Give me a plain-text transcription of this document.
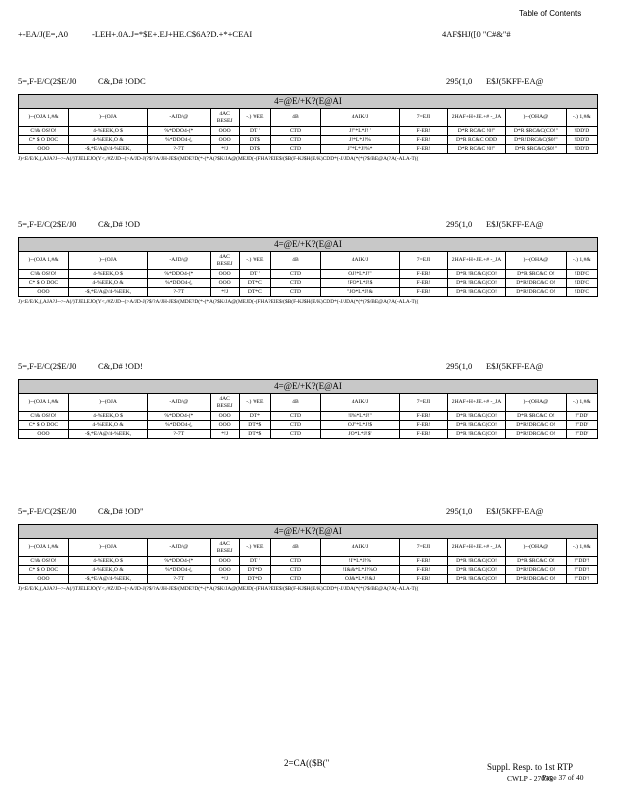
Table of Contents
+-EA/J(E=,A0	-LEH+.0A.J=*$E+.EJ+HE.C$6A?D.+*+CEAI	4AF$HJ([0 "C#&"#
5=,F-E/C(2$E/J0	C&,D# !ODC	295(1,0 E$J(5KFF-EA@
4=@E/+K?(E@AI										
)--(OJA 1,#&	)--(OJA	-AJD/@	4AC BESEJ	-.) '#EE	4B	4AIK/J	7=EJI	2HAF+H+JE.+# -_JA	)--(OHA@	-.) 1,#&
C!& OS!O!	4-%EEK,O $	%*DDO4-(*	OOO	DT '	CTD	J!"*L*J! '	F-ER!	D*R RC&C !0!"	D*R $RC&C(CO!"	!DD'D
C* $ O DOC	4-%EEK,O &	%*DDO4-(,	OOO	DT$	CTD	J!*L*J!%	F-ER!	D*R RC&C ODD	D*R!DRC&C($0!"	!DD'D
OOO	-$,*E/A@/4-%EEK,	?-7T	*!J	DT$	CTD	J"*L*J!%*	F-ER!	D*R RC&C !0!"	D*R $RC&C($0!"	!DD'D
J)<E/E/K,(,AJA?J-->-A(/)TJELEJO(Y<,/#Z/JD--(>A/JD-J(?$/?A/JH-JE$/(MDE?D(*-(*A(?$K/JA@(MEJD(-(FHA?EIE$/($B(F-KJ$H(E/K)CDD*(-J/JDA(*(*(?$/BE@A(?A(-ALA-T((
5=,F-E/C(2$E/J0	C&,D# !OD	295(1,0 E$J(5KFF-EA@
4=@E/+K?(E@AI										
)--(OJA 1,#&	)--(OJA	-AJD/@	4AC BESEJ	-.) '#EE	4B	4AIK/J	7=EJI	2HAF+H+JE.+# -_JA	)--(OHA@	-.) 1,#&
C!& OS!O!	4-%EEK,O $	%*DDO4-(*	OOO	DT '	CTD	OJ!*L*J!"	F-ER!	D*R !RC&C(CO!	D*R $RC&C O!	!DD'C
C* $ O DOC	4-%EEK,O &	%*DDO4-(,	OOO	DT*C	CTD	!FO*L*J!$	F-ER!	D*R !RC&C(CO!	D*R!DRC&C O!	!DD'C
OOO	-$,*E/A@/4-%EEK,	?-7T	*!J	DT*C	CTD	"JO*L*J!&	F-ER!	D*R !RC&C(CO!	D*R!DRC&C O!	!DD'C
J)<E/E/K,(,AJA?J-->-A(/)TJELEJO(Y<,/#Z/JD--(>A/JD-J(?$/?A/JH-JE$/(MDE?D(*-(*A(?$K/JA@(MEJD(-(FHA?EIE$/($B(F-KJ$H(E/K)CDD*(-J/JDA(*(*(?$/BE@A(?A(-ALA-T((
5=,F-E/C(2$E/J0	C&,D# !OD!	295(1,0 E$J(5KFF-EA@
4=@E/+K?(E@AI										
)--(OJA 1,#&	)--(OJA	-AJD/@	4AC BESEJ	-.) '#EE	4B	4AIK/J	7=EJI	2HAF+H+JE.+# -_JA	)--(OHA@	-.) 1,#&
C!& OS!O!	4-%EEK,O $	%*DDO4-(*	OOO	DT*	CTD	!I%*L*J!"	F-ER!	D*R !RC&C(CO!	D*R $RC&C O!	!"DD'
C* $ O DOC	4-%EEK,O &	%*DDO4-(,	OOO	DT*$	CTD	OJ"*L*J!$	F-ER!	D*R !RC&C(CO!	D*R!DRC&C O!	!"DD'
OOO	-$,*E/A@/4-%EEK,	?-7T	*!J	DT*$	CTD	JO*L*J!$'	F-ER!	D*R !RC&C(CO!	D*R!DRC&C O!	!"DD'
5=,F-E/C(2$E/J0	C&,D# !OD"	295(1,0 E$J(5KFF-EA@
4=@E/+K?(E@AI										
)--(OJA 1,#&	)--(OJA	-AJD/@	4AC BESEJ	-.) '#EE	4B	4AIK/J	7=EJI	2HAF+H+JE.+# -_JA	)--(OHA@	-.) 1,#&
C!& OS!O!	4-%EEK,O $	%*DDO4-(*	OOO	DT '	CTD	!I'*L*J!%	F-ER!	D*R !RC&C(CO!	D*R $RC&C O!	!"DD'!
C* $ O DOC	4-%EEK,O &	%*DDO4-(,	OOO	DT*D	CTD	!I&&*L*J!%O	F-ER!	D*R !RC&C(CO!	D*R!DRC&C O!	!"DD'!
OOO	-$,*E/A@/4-%EEK,	?-7T	*!J	DT*D	CTD	OJ&*L*J!&J	F-ER!	D*R !RC&C(CO!	D*R!DRC&C O!	!"DD'!
J)<E/E/K,(,AJA?J-->-A(/)TJELEJO(Y<,/#Z/JD--(>A/JD-J(?$/?A/JH-JE$/(MDE?D(*-(*A(?$K/JA@(MEJD(-(FHA?EIE$/($B(F-KJ$H(E/K)CDD*(-J/JDA(*(*(?$/BE@A(?A(-ALA-T((
2=CA(($B("	Suppl. Resp. to 1st RTP
CWLP - 27035
Page 37 of 40
